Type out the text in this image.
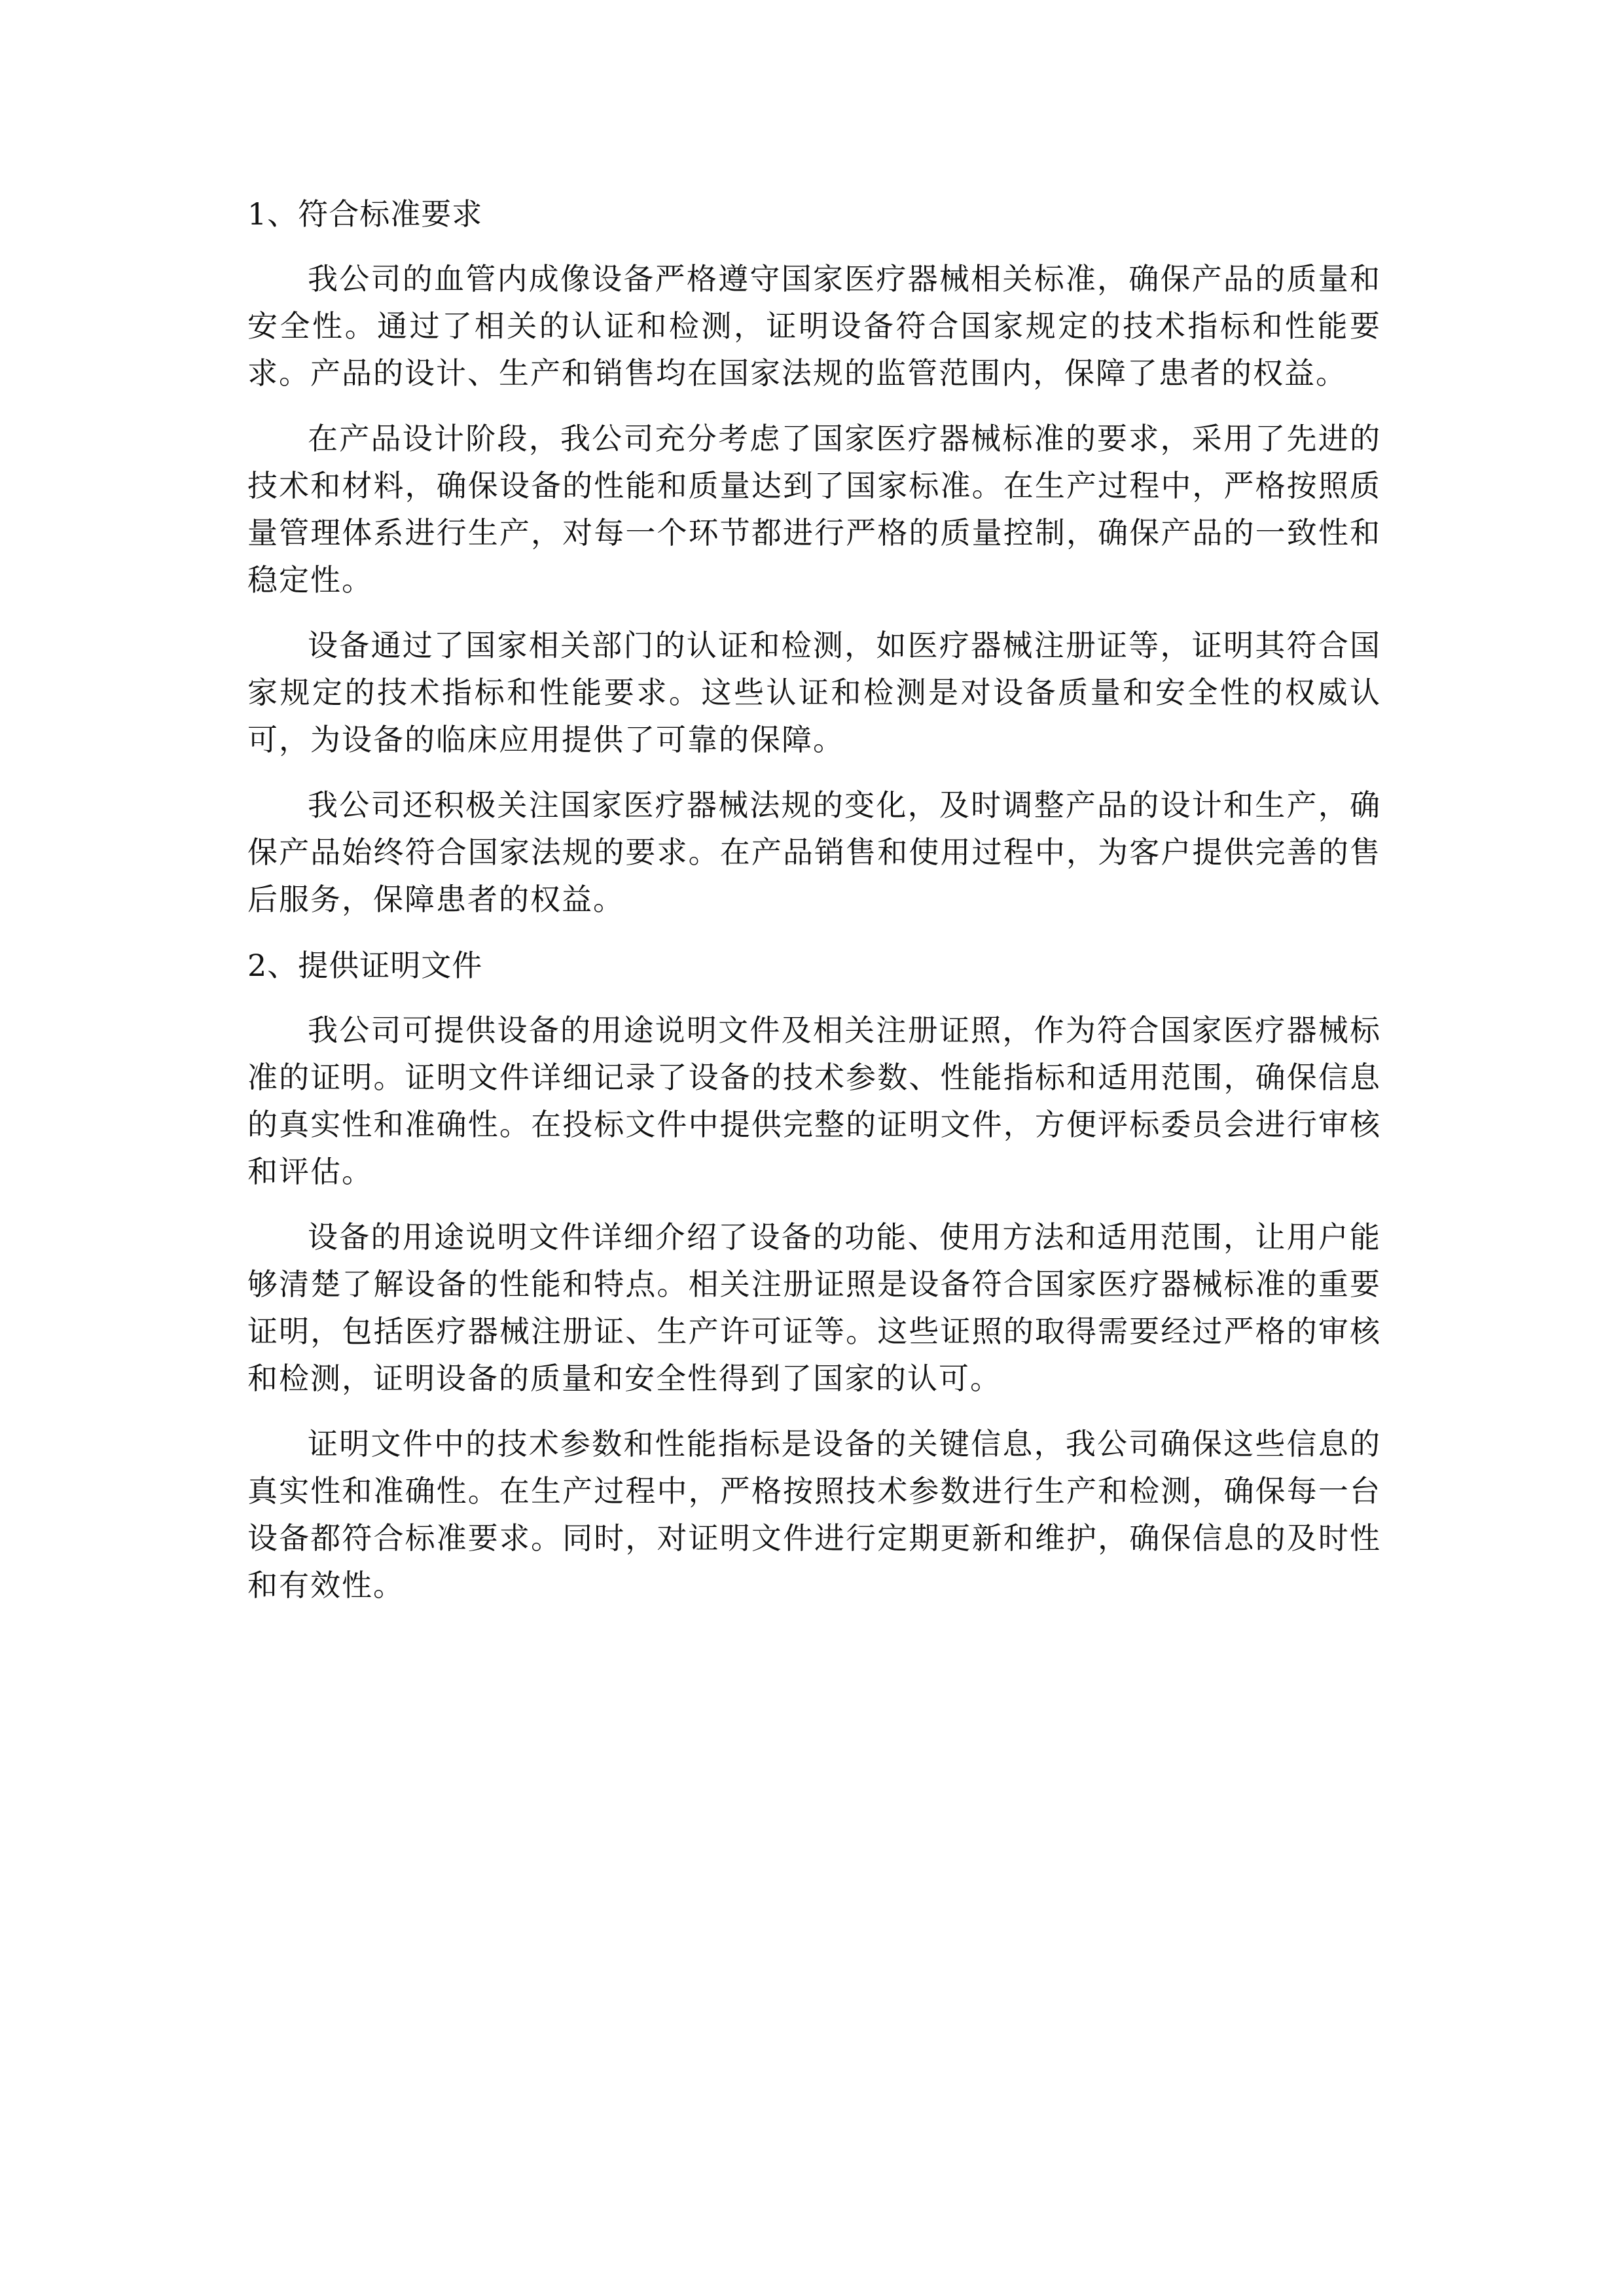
1、符合标准要求

我公司的血管内成像设备严格遵守国家医疗器械相关标准，确保产品的质量和安全性。通过了相关的认证和检测，证明设备符合国家规定的技术指标和性能要求。产品的设计、生产和销售均在国家法规的监管范围内，保障了患者的权益。

在产品设计阶段，我公司充分考虑了国家医疗器械标准的要求，采用了先进的技术和材料，确保设备的性能和质量达到了国家标准。在生产过程中，严格按照质量管理体系进行生产，对每一个环节都进行严格的质量控制，确保产品的一致性和稳定性。

设备通过了国家相关部门的认证和检测，如医疗器械注册证等，证明其符合国家规定的技术指标和性能要求。这些认证和检测是对设备质量和安全性的权威认可，为设备的临床应用提供了可靠的保障。

我公司还积极关注国家医疗器械法规的变化，及时调整产品的设计和生产，确保产品始终符合国家法规的要求。在产品销售和使用过程中，为客户提供完善的售后服务，保障患者的权益。

2、提供证明文件

我公司可提供设备的用途说明文件及相关注册证照，作为符合国家医疗器械标准的证明。证明文件详细记录了设备的技术参数、性能指标和适用范围，确保信息的真实性和准确性。在投标文件中提供完整的证明文件，方便评标委员会进行审核和评估。

设备的用途说明文件详细介绍了设备的功能、使用方法和适用范围，让用户能够清楚了解设备的性能和特点。相关注册证照是设备符合国家医疗器械标准的重要证明，包括医疗器械注册证、生产许可证等。这些证照的取得需要经过严格的审核和检测，证明设备的质量和安全性得到了国家的认可。

证明文件中的技术参数和性能指标是设备的关键信息，我公司确保这些信息的真实性和准确性。在生产过程中，严格按照技术参数进行生产和检测，确保每一台设备都符合标准要求。同时，对证明文件进行定期更新和维护，确保信息的及时性和有效性。
